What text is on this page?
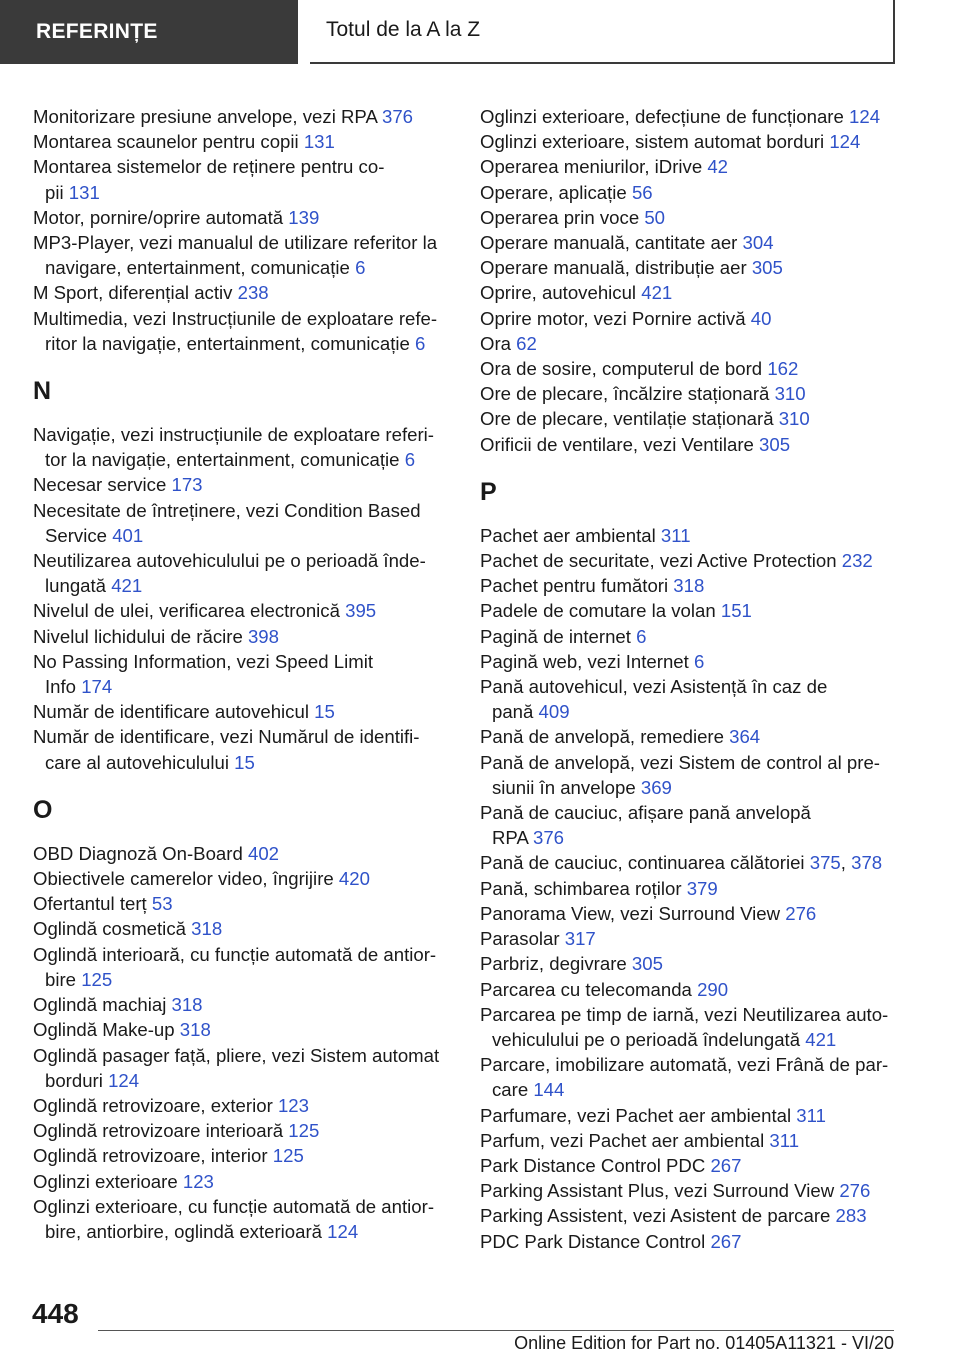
REFERINȚE	Totul de la A la Z
Monitorizare presiune anvelope, vezi RPA 376
Montarea scaunelor pentru copii 131
Montarea sistemelor de reținere pentru co-
pii 131
Motor, pornire/oprire automată 139
MP3-Player, vezi manualul de utilizare referitor la
navigare, entertainment, comunicație 6
M Sport, diferențial activ 238
Multimedia, vezi Instrucțiunile de exploatare refe-
ritor la navigație, entertainment, comunicație 6
N
Navigație, vezi instrucțiunile de exploatare referi-
tor la navigație, entertainment, comunicație 6
Necesar service 173
Necesitate de întreținere, vezi Condition Based
Service 401
Neutilizarea autovehiculului pe o perioadă înde-
lungată 421
Nivelul de ulei, verificarea electronică 395
Nivelul lichidului de răcire 398
No Passing Information, vezi Speed Limit
Info 174
Număr de identificare autovehicul 15
Număr de identificare, vezi Numărul de identifi-
care al autovehiculului 15
O
OBD Diagnoză On-Board 402
Obiectivele camerelor video, îngrijire 420
Ofertantul terț 53
Oglindă cosmetică 318
Oglindă interioară, cu funcție automată de antior-
bire 125
Oglindă machiaj 318
Oglindă Make-up 318
Oglindă pasager față, pliere, vezi Sistem automat
borduri 124
Oglindă retrovizoare, exterior 123
Oglindă retrovizoare interioară 125
Oglindă retrovizoare, interior 125
Oglinzi exterioare 123
Oglinzi exterioare, cu funcție automată de antior-
bire, antiorbire, oglindă exterioară 124
Oglinzi exterioare, defecțiune de funcționare 124
Oglinzi exterioare, sistem automat borduri 124
Operarea meniurilor, iDrive 42
Operare, aplicație 56
Operarea prin voce 50
Operare manuală, cantitate aer 304
Operare manuală, distribuție aer 305
Oprire, autovehicul 421
Oprire motor, vezi Pornire activă 40
Ora 62
Ora de sosire, computerul de bord 162
Ore de plecare, încălzire staționară 310
Ore de plecare, ventilație staționară 310
Orificii de ventilare, vezi Ventilare 305
P
Pachet aer ambiental 311
Pachet de securitate, vezi Active Protection 232
Pachet pentru fumători 318
Padele de comutare la volan 151
Pagină de internet 6
Pagină web, vezi Internet 6
Pană autovehicul, vezi Asistență în caz de
pană 409
Pană de anvelopă, remediere 364
Pană de anvelopă, vezi Sistem de control al pre-
siunii în anvelope 369
Pană de cauciuc, afișare pană anvelopă
RPA 376
Pană de cauciuc, continuarea călătoriei 375, 378
Pană, schimbarea roților 379
Panorama View, vezi Surround View 276
Parasolar 317
Parbriz, degivrare 305
Parcarea cu telecomanda 290
Parcarea pe timp de iarnă, vezi Neutilizarea auto-
vehiculului pe o perioadă îndelungată 421
Parcare, imobilizare automată, vezi Frână de par-
care 144
Parfumare, vezi Pachet aer ambiental 311
Parfum, vezi Pachet aer ambiental 311
Park Distance Control PDC 267
Parking Assistant Plus, vezi Surround View 276
Parking Assistent, vezi Asistent de parcare 283
PDC Park Distance Control 267
448
Online Edition for Part no. 01405A11321 - VI/20
